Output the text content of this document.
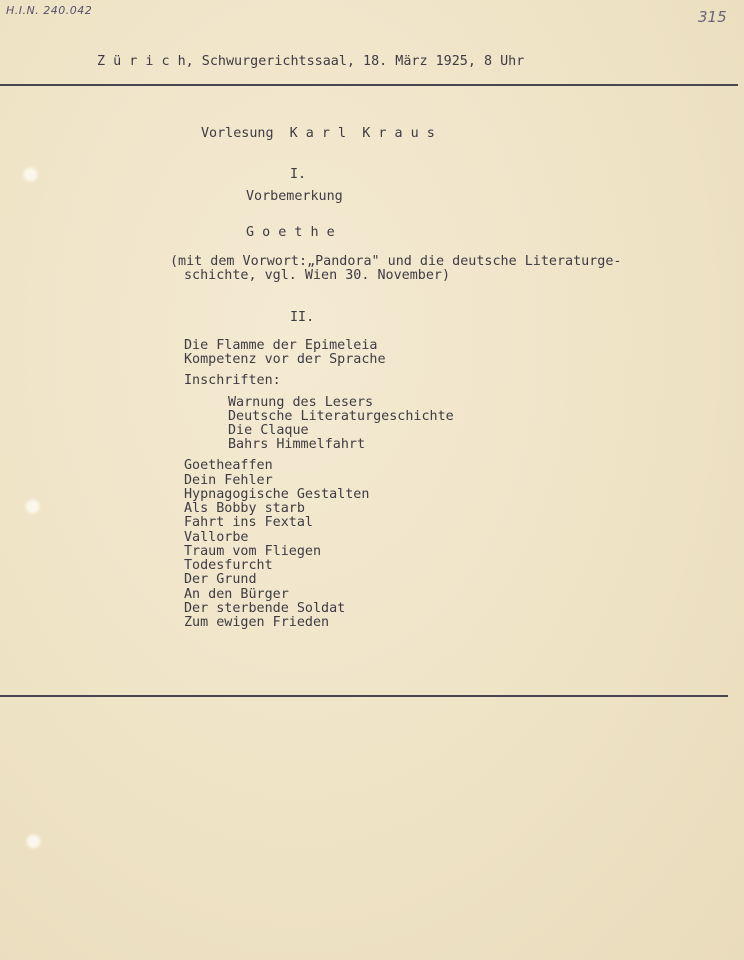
H.I.N. 240.042	315
Z ü r i c h, Schwurgerichtssaal, 18. März 1925, 8 Uhr
Vorlesung  K a r l  K r a u s
I.
Vorbemerkung
G o e t h e
(mit dem Vorwort:„Pandora" und die deutsche Literaturge-
schichte, vgl. Wien 30. November)
II.
Die Flamme der Epimeleia
Kompetenz vor der Sprache
Inschriften:
Warnung des Lesers
Deutsche Literaturgeschichte
Die Claque
Bahrs Himmelfahrt
Goetheaffen
Dein Fehler
Hypnagogische Gestalten
Als Bobby starb
Fahrt ins Fextal
Vallorbe
Traum vom Fliegen
Todesfurcht
Der Grund
An den Bürger
Der sterbende Soldat
Zum ewigen Frieden
